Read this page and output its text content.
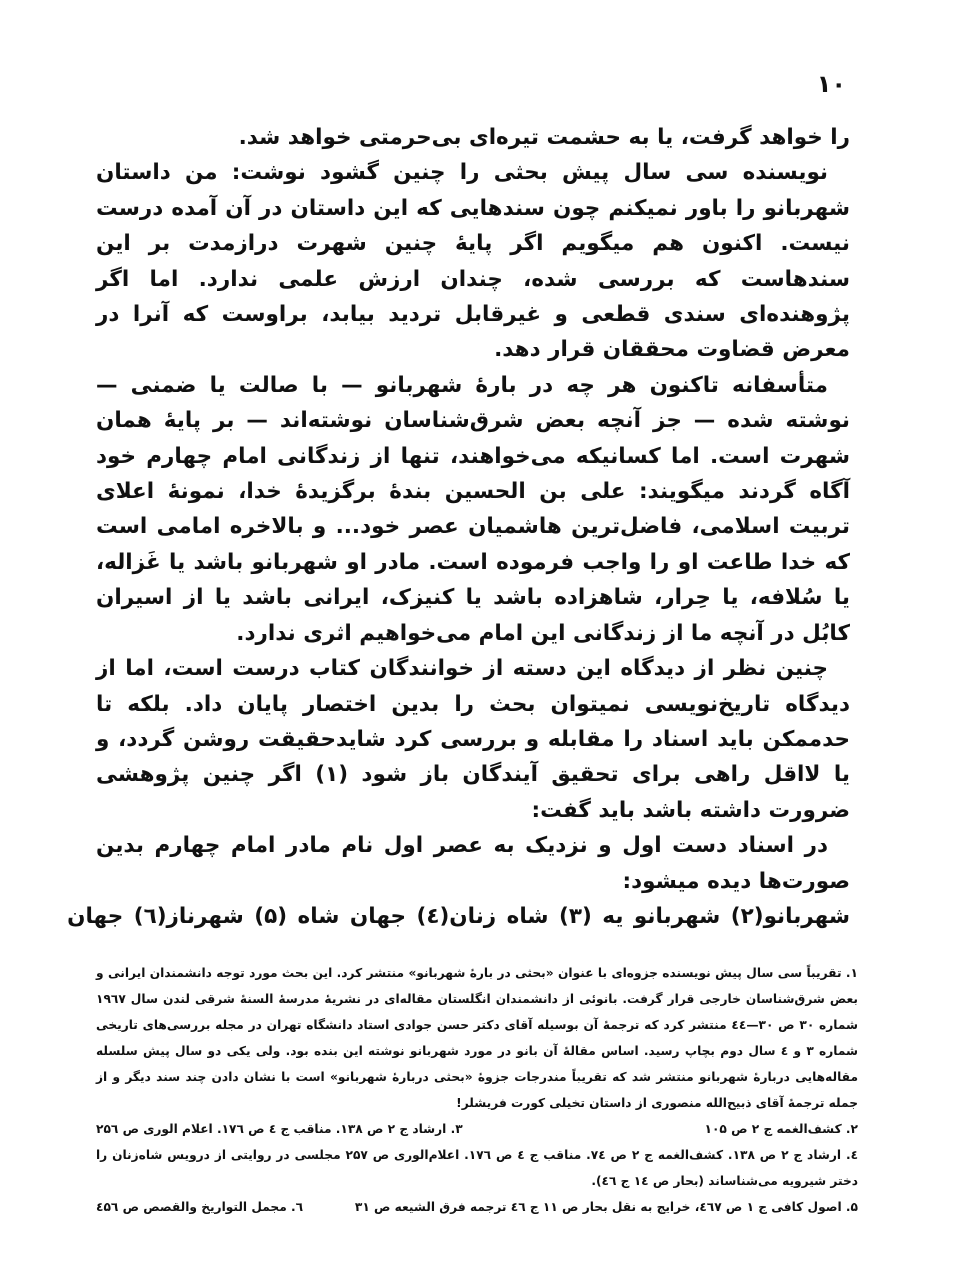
۱۰

را خواهد گرفت، یا به حشمت تیره‌ای بی‌حرمتی خواهد شد.

نویسنده سی سال پیش بحثی را چنین گشود نوشت: من داستان شهربانو را باور نمیکنم چون سندهایی که این داستان در آن آمده درست نیست. اکنون هم میگویم اگر پایهٔ چنین شهرت درازمدت بر این سندهاست که بررسی شده، چندان ارزش علمی ندارد. اما اگر پژوهنده‌ای سندی قطعی و غیرقابل تردید بیابد، براوست که آنرا در معرض قضاوت محققان قرار دهد.

متأسفانه تاکنون هر چه در بارهٔ شهربانو — با صالت یا ضمنی — نوشته شده — جز آنچه بعض شرق‌شناسان نوشته‌اند — بر پایهٔ همان شهرت است. اما کسانیکه می‌خواهند، تنها از زندگانی امام چهارم خود آگاه گردند میگویند: علی بن الحسین بندهٔ برگزیدهٔ خدا، نمونهٔ اعلای تربیت اسلامی، فاضل‌ترین هاشمیان عصر خود... و بالاخره امامی است که خدا طاعت او را واجب فرموده است. مادر او شهربانو باشد یا غَزاله، یا سُلافه، یا حِرار، شاهزاده باشد یا کنیزک، ایرانی باشد یا از اسیران کابُل در آنچه ما از زندگانی این امام می‌خواهیم اثری ندارد.

چنین نظر از دیدگاه این دسته از خوانندگان کتاب درست است، اما از دیدگاه تاریخ‌نویسی نمیتوان بحث را بدین اختصار پایان داد. بلکه تا حدممکن باید اسناد را مقابله و بررسی کرد شایدحقیقت روشن گردد، و یا لااقل راهی برای تحقیق آیندگان باز شود (۱) اگر چنین پژوهشی ضرورت داشته باشد باید گفت:

در اسناد دست اول و نزدیک به عصر اول نام مادر امام چهارم بدین صورت‌ها دیده میشود:

شهربانو(۲) شهربانو یه (۳) شاه زنان(٤) جهان شاه (۵) شهرناز(٦) جهان

۱. تقریباً سی سال پیش نویسنده جزوه‌ای با عنوان «بحثی در بارهٔ شهربانو» منتشر کرد. این بحث مورد توجه دانشمندان ایرانی و بعض شرق‌شناسان خارجی قرار گرفت. بانوئی از دانشمندان انگلستان مقاله‌ای در نشریهٔ مدرسهٔ السنهٔ شرقی لندن سال ۱۹٦۷ شماره ۳۰ ص ۳۰—٤٤ منتشر کرد که ترجمهٔ آن بوسیله آقای دکتر حسن جوادی استاد دانشگاه تهران در مجله بررسی‌های تاریخی شماره ۳ و ٤ سال دوم بچاپ رسید. اساس مقالهٔ آن بانو در مورد شهربانو نوشته این بنده بود. ولی یکی دو سال پیش سلسله مقاله‌هایی دربارهٔ شهربانو منتشر شد که تقریباً مندرجات جزوهٔ «بحثی دربارهٔ شهربانو» است با نشان دادن چند سند دیگر و از جمله ترجمهٔ آقای ذبیح‌الله منصوری از داستان تخیلی کورت فریشلر!

۲. کشف‌الغمه ج ۲ ص ۱۰۵
۳. ارشاد ج ۲ ص ۱۳۸. مناقب ج ٤ ص ۱۷٦. اعلام الوری ص ۲۵٦

٤. ارشاد ج ۲ ص ۱۳۸. کشف‌الغمه ج ۲ ص ۷٤. مناقب ج ٤ ص ۱۷٦. اعلام‌الوری ص ۲۵۷ مجلسی در روایتی از درویس شاه‌زنان را دختر شیرویه می‌شناساند (بحار ص ۱٤ ج ٤٦).

۵. اصول کافی ج ۱ ص ٤٦۷، خرایج به نقل بحار ص ۱۱ ج ٤٦ ترجمه فرق الشیعه ص ۳۱
٦. مجمل التواریخ والقصص ص ٤۵٦
